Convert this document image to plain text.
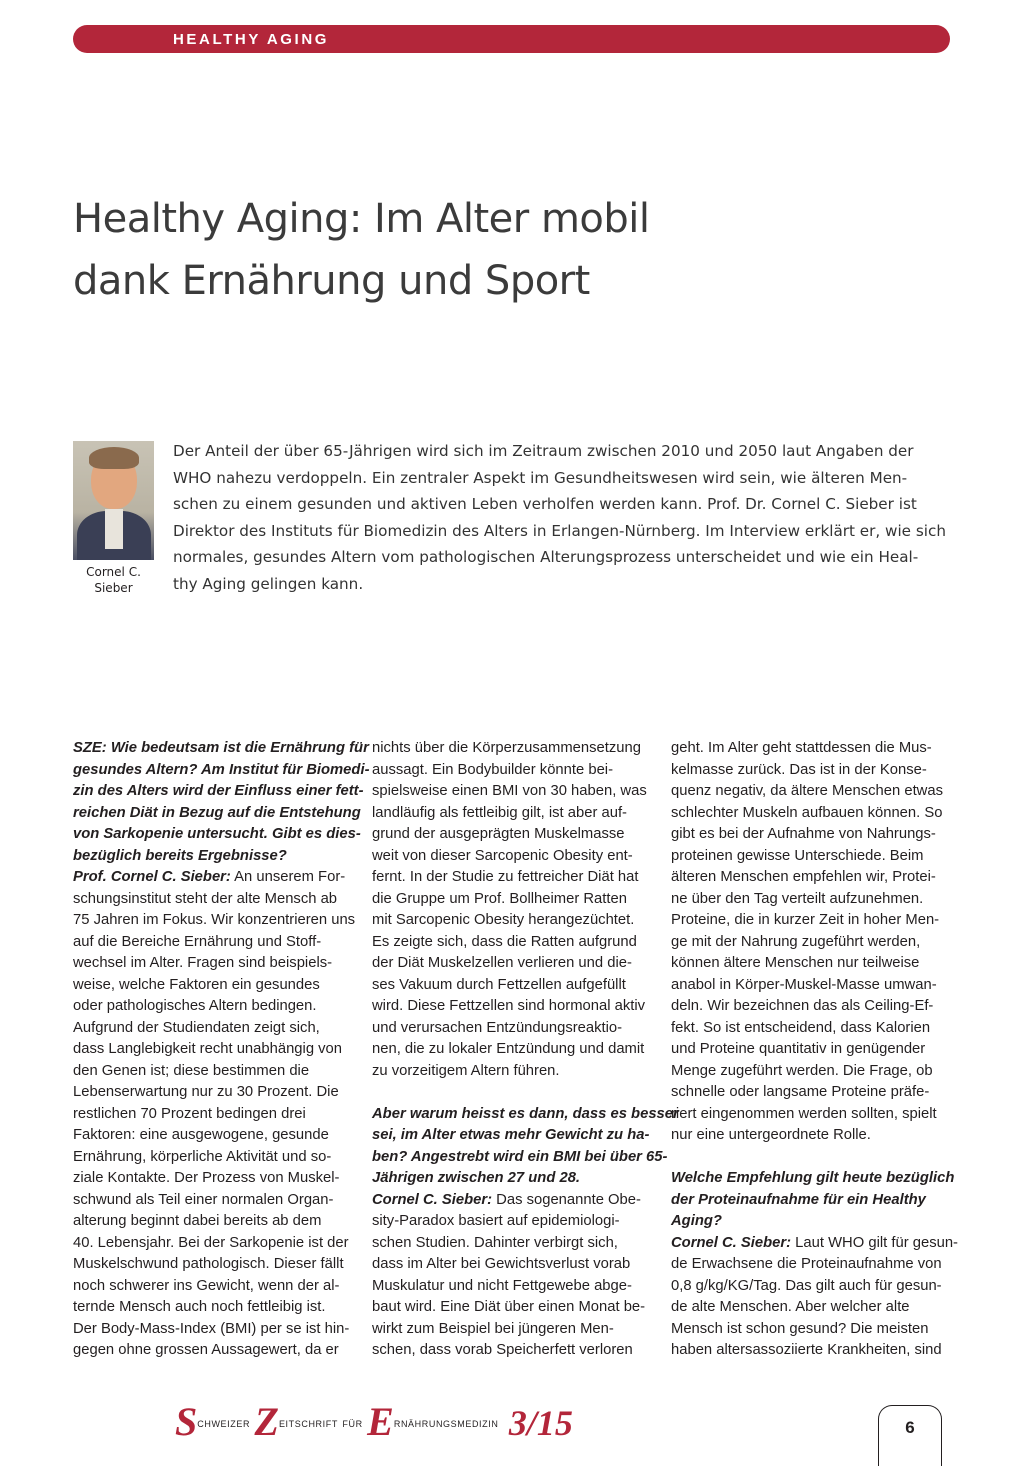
HEALTHY AGING
Healthy Aging: Im Alter mobil
dank Ernährung und Sport
Cornel C.
Sieber

Der Anteil der über 65-Jährigen wird sich im Zeitraum zwischen 2010 und 2050 laut Angaben der
WHO nahezu verdoppeln. Ein zentraler Aspekt im Gesundheitswesen wird sein, wie älteren Men-
schen zu einem gesunden und aktiven Leben verholfen werden kann. Prof. Dr. Cornel C. Sieber ist
Direktor des Instituts für Biomedizin des Alters in Erlangen-Nürnberg. Im Interview erklärt er, wie sich
normales, gesundes Altern vom pathologischen Alterungsprozess unterscheidet und wie ein Heal-
thy Aging gelingen kann.

SZE: Wie bedeutsam ist die Ernährung für
gesundes Altern? Am Institut für Biomedi-
zin des Alters wird der Einfluss einer fett-
reichen Diät in Bezug auf die Entstehung
von Sarkopenie untersucht. Gibt es dies-
bezüglich bereits Ergebnisse?
Prof. Cornel C. Sieber: An unserem For-
schungsinstitut steht der alte Mensch ab
75 Jahren im Fokus. Wir konzentrieren uns
auf die Bereiche Ernährung und Stoff-
wechsel im Alter. Fragen sind beispiels-
weise, welche Faktoren ein gesundes
oder pathologisches Altern bedingen.
Aufgrund der Studiendaten zeigt sich,
dass Langlebigkeit recht unabhängig von
den Genen ist; diese bestimmen die
Lebenserwartung nur zu 30 Prozent. Die
restlichen 70 Prozent bedingen drei
Faktoren: eine ausgewogene, gesunde
Ernährung, körperliche Aktivität und so-
ziale Kontakte. Der Prozess von Muskel-
schwund als Teil einer normalen Organ-
alterung beginnt dabei bereits ab dem
40. Lebensjahr. Bei der Sarkopenie ist der
Muskelschwund pathologisch. Dieser fällt
noch schwerer ins Gewicht, wenn der al-
ternde Mensch auch noch fettleibig ist.
Der Body-Mass-Index (BMI) per se ist hin-
gegen ohne grossen Aussagewert, da er
nichts über die Körperzusammensetzung
aussagt. Ein Bodybuilder könnte bei-
spielsweise einen BMI von 30 haben, was
landläufig als fettleibig gilt, ist aber auf-
grund der ausgeprägten Muskelmasse
weit von dieser Sarcopenic Obesity ent-
fernt. In der Studie zu fettreicher Diät hat
die Gruppe um Prof. Bollheimer Ratten
mit Sarcopenic Obesity herangezüchtet.
Es zeigte sich, dass die Ratten aufgrund
der Diät Muskelzellen verlieren und die-
ses Vakuum durch Fettzellen aufgefüllt
wird. Diese Fettzellen sind hormonal aktiv
und verursachen Entzündungsreaktio-
nen, die zu lokaler Entzündung und damit
zu vorzeitigem Altern führen.
Aber warum heisst es dann, dass es besser
sei, im Alter etwas mehr Gewicht zu ha-
ben? Angestrebt wird ein BMI bei über 65-
Jährigen zwischen 27 und 28.
Cornel C. Sieber: Das sogenannte Obe-
sity-Paradox basiert auf epidemiologi-
schen Studien. Dahinter verbirgt sich,
dass im Alter bei Gewichtsverlust vorab
Muskulatur und nicht Fettgewebe abge-
baut wird. Eine Diät über einen Monat be-
wirkt zum Beispiel bei jüngeren Men-
schen, dass vorab Speicherfett verloren
geht. Im Alter geht stattdessen die Mus-
kelmasse zurück. Das ist in der Konse-
quenz negativ, da ältere Menschen etwas
schlechter Muskeln aufbauen können. So
gibt es bei der Aufnahme von Nahrungs-
proteinen gewisse Unterschiede. Beim
älteren Menschen empfehlen wir, Protei-
ne über den Tag verteilt aufzunehmen.
Proteine, die in kurzer Zeit in hoher Men-
ge mit der Nahrung zugeführt werden,
können ältere Menschen nur teilweise
anabol in Körper-Muskel-Masse umwan-
deln. Wir bezeichnen das als Ceiling-Ef-
fekt. So ist entscheidend, dass Kalorien
und Proteine quantitativ in genügender
Menge zugeführt werden. Die Frage, ob
schnelle oder langsame Proteine präfe-
riert eingenommen werden sollten, spielt
nur eine untergeordnete Rolle.
Welche Empfehlung gilt heute bezüglich
der Proteinaufnahme für ein Healthy
Aging?
Cornel C. Sieber: Laut WHO gilt für gesun-
de Erwachsene die Proteinaufnahme von
0,8 g/kg/KG/Tag. Das gilt auch für gesun-
de alte Menschen. Aber welcher alte
Mensch ist schon gesund? Die meisten
haben altersassoziierte Krankheiten, sind
$S^{CHWEIZER}$ $Z^{EITSCHRIFT}$ $^{FÜR}$ $E^{RNÄHRUNGSMEDIZIN}$ 3/15	6
